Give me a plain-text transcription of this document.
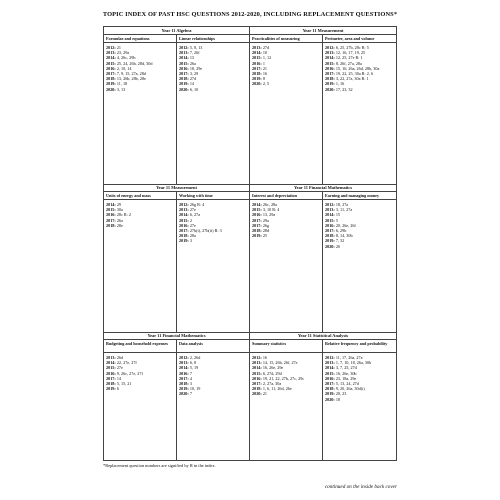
TOPIC INDEX OF PAST HSC QUESTIONS 2012-2020, INCLUDING REPLACEMENT QUESTIONS*
Year 11 Algebra
Formulae and equations
2012: 21
2013: 23, 29a
2014: 4, 26c, 29b
2015: 25, 24, 26b, 28d, 30d
2016: 2, 10, 14
2017: 7, 9, 15, 27a, 28d
2018: 13, 26b, 28b, 28e
2019: 11, 18
2020: 3, 13
Linear relationships
2012: 5, 8, 13
2013: 7, 26f
2014: 13
2015: 26a
2016: 18, 29e
2017: 3, 29
2018: 27d
2019: 14
2020: 6, 10
Year 11 Measurement
Practicalities of measuring
2013: 27d
2014: 10
2015: 1, 12
2016: 1
2017: 21
2018: 16
2019: 8
2020: 2, 5
Perimeter, area and volume
2012: 6, 25, 27b, 28c R: 5
2013: 12, 16, 17, 19, 25
2014: 12, 25, 27e R: 1
2015: 8, 26f, 27a, 28a
2016: 15, 16, 26a, 26d, 28b, 30a
2017: 19, 22, 25, 30a R: 2, 6
2018: 3, 22, 27a, 30a R: 1
2019: 1, 16
2020: 17, 23, 32
Year 11 Measurement
Units of energy and mass
2014: 29
2015: 30a
2016: 28c R: 2
2017: 26a
2018: 28e
Working with time
2012: 26g R: 4
2013: 27e
2014: 6, 27a
2015: 2
2016: 27e
2017: 27b(i), 27b(ii) R: 3
2018: 28a
2019: 3
Year 11 Financial Mathematics
Interest and depreciation
2014: 26c, 28a
2015: 3, 10 R: 4
2016: 13, 29a
2017: 29a
2017: 26g
2018: 28d
2019: 25
Earning and managing money
2012: 18, 27a
2013: 3, 11, 27a
2014: 15
2015: 5
2016: 20, 26e, 26f
2017: 6, 29b
2018: 8, 14, 30b
2019: 7, 32
2020: 20
Year 11 Financial Mathematics
Budgeting and household expenses
2013: 26d
2014: 22, 27e, 27f
2015: 27e
2016: 9, 26c, 27e, 27f
2017: 14
2018: 5, 15, 21
2019: 6
Data analysis
2012: 2, 26d
2013: 6, 8
2014: 5, 19
2016: 7
2017: 4
2018: 3
2019: 10, 19
2020: 7
Year 11 Statistical Analysis
Summary statistics
2012: 16
2013: 14, 15, 26b, 26f, 27e
2014: 16, 26e, 29e
2015: 6, 27d, 29d
2016: 19, 21, 22, 27b, 27c, 29c
2017: 2, 27a, 30a
2018: 1, 6, 11, 26d, 26e
2020: 21
Relative frequency and probability
2012: 11, 17, 26a, 27a
2013: 1, 7, 10, 18, 26a, 30b
2014: 3, 7, 25, 27d
2015: 16, 26e, 30b
2016: 23, 18a, 29e
2017: 5, 13, 24, 27d
2018: 9, 20, 26a, 30d(i)
2019: 20, 23
2020: 18
*Replacement question numbers are signified by R in the index.
continued on the inside back cover
